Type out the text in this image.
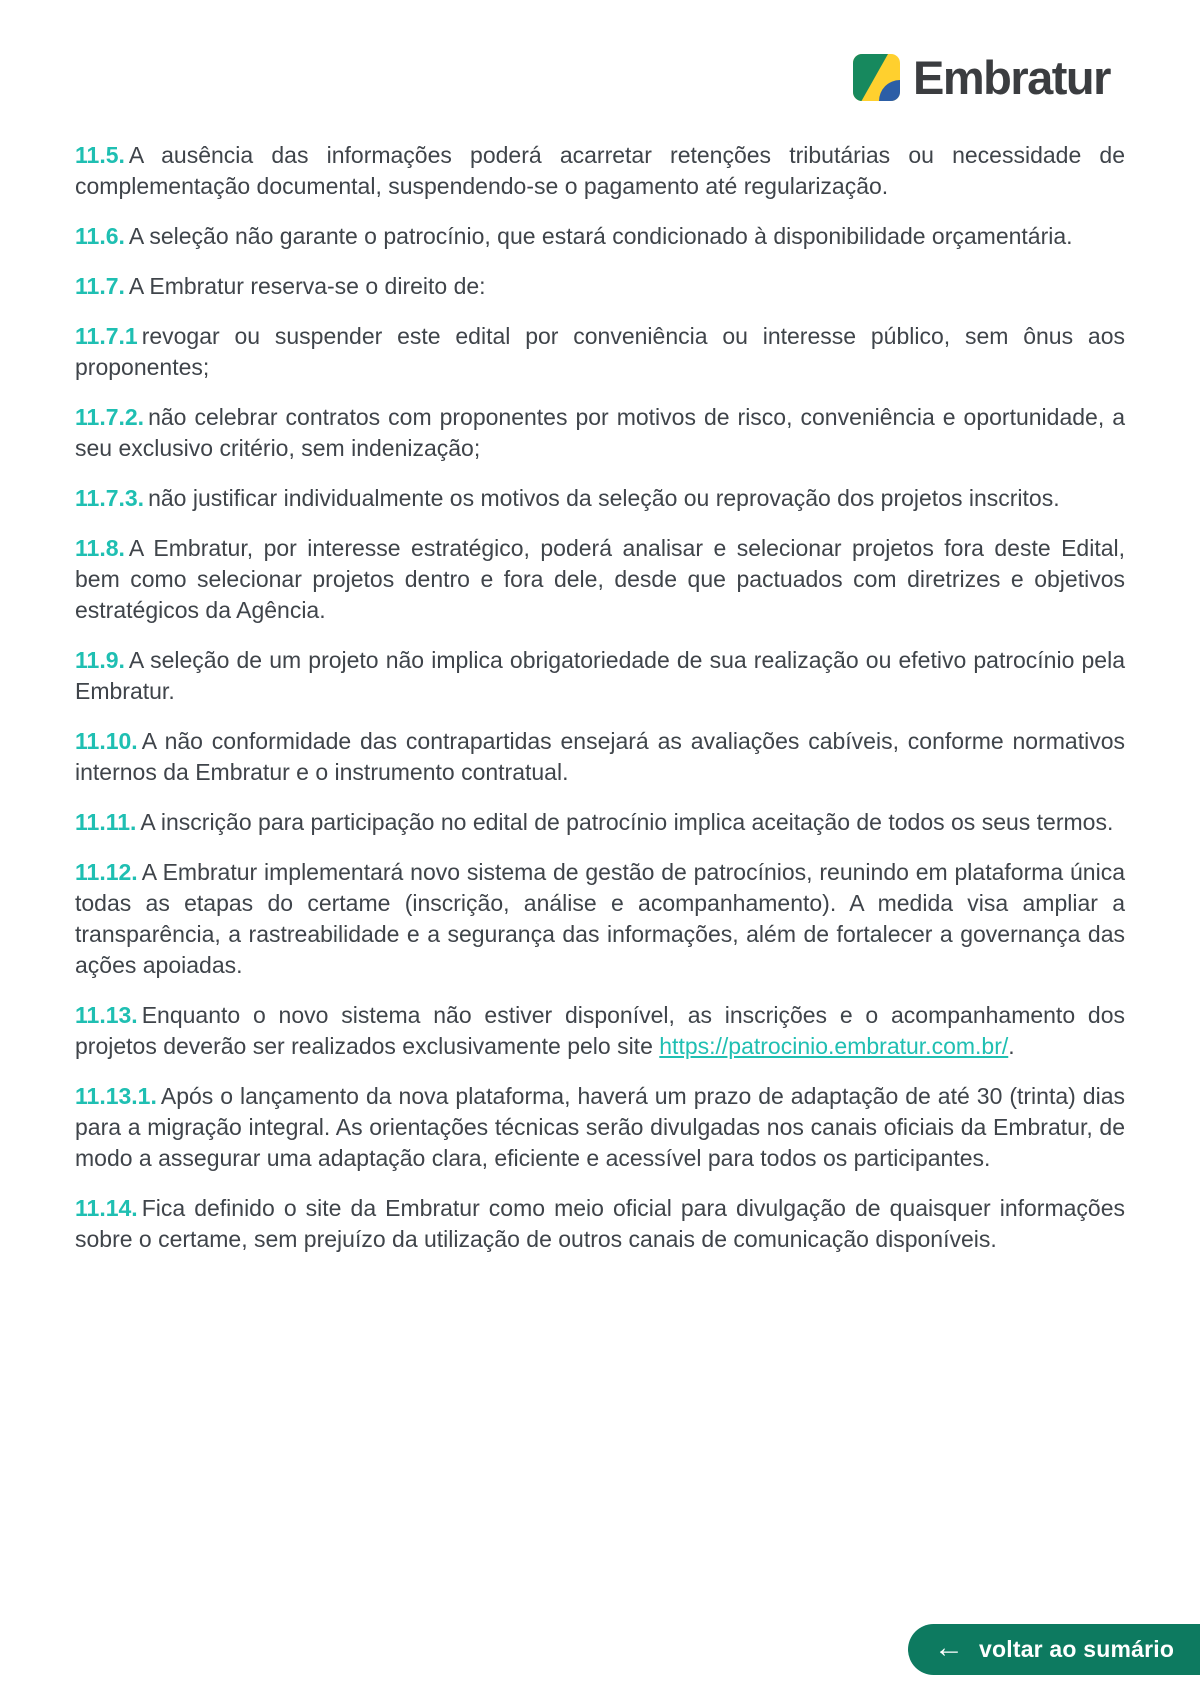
Embratur

11.5. A ausência das informações poderá acarretar retenções tributárias ou necessidade de complementação documental, suspendendo-se o pagamento até regularização.

11.6. A seleção não garante o patrocínio, que estará condicionado à disponibilidade orçamentária.

11.7. A Embratur reserva-se o direito de:

11.7.1 revogar ou suspender este edital por conveniência ou interesse público, sem ônus aos proponentes;

11.7.2. não celebrar contratos com proponentes por motivos de risco, conveniência e oportunidade, a seu exclusivo critério, sem indenização;

11.7.3. não justificar individualmente os motivos da seleção ou reprovação dos projetos inscritos.

11.8. A Embratur, por interesse estratégico, poderá analisar e selecionar projetos fora deste Edital, bem como selecionar projetos dentro e fora dele, desde que pactuados com diretrizes e objetivos estratégicos da Agência.

11.9. A seleção de um projeto não implica obrigatoriedade de sua realização ou efetivo patrocínio pela Embratur.

11.10. A não conformidade das contrapartidas ensejará as avaliações cabíveis, conforme normativos internos da Embratur e o instrumento contratual.

11.11. A inscrição para participação no edital de patrocínio implica aceitação de todos os seus termos.

11.12. A Embratur implementará novo sistema de gestão de patrocínios, reunindo em plataforma única todas as etapas do certame (inscrição, análise e acompanhamento). A medida visa ampliar a transparência, a rastreabilidade e a segurança das informações, além de fortalecer a governança das ações apoiadas.

11.13. Enquanto o novo sistema não estiver disponível, as inscrições e o acompanhamento dos projetos deverão ser realizados exclusivamente pelo site https://patrocinio.embratur.com.br/.

11.13.1. Após o lançamento da nova plataforma, haverá um prazo de adaptação de até 30 (trinta) dias para a migração integral. As orientações técnicas serão divulgadas nos canais oficiais da Embratur, de modo a assegurar uma adaptação clara, eficiente e acessível para todos os participantes.

11.14. Fica definido o site da Embratur como meio oficial para divulgação de quaisquer informações sobre o certame, sem prejuízo da utilização de outros canais de comunicação disponíveis.

← voltar ao sumário
